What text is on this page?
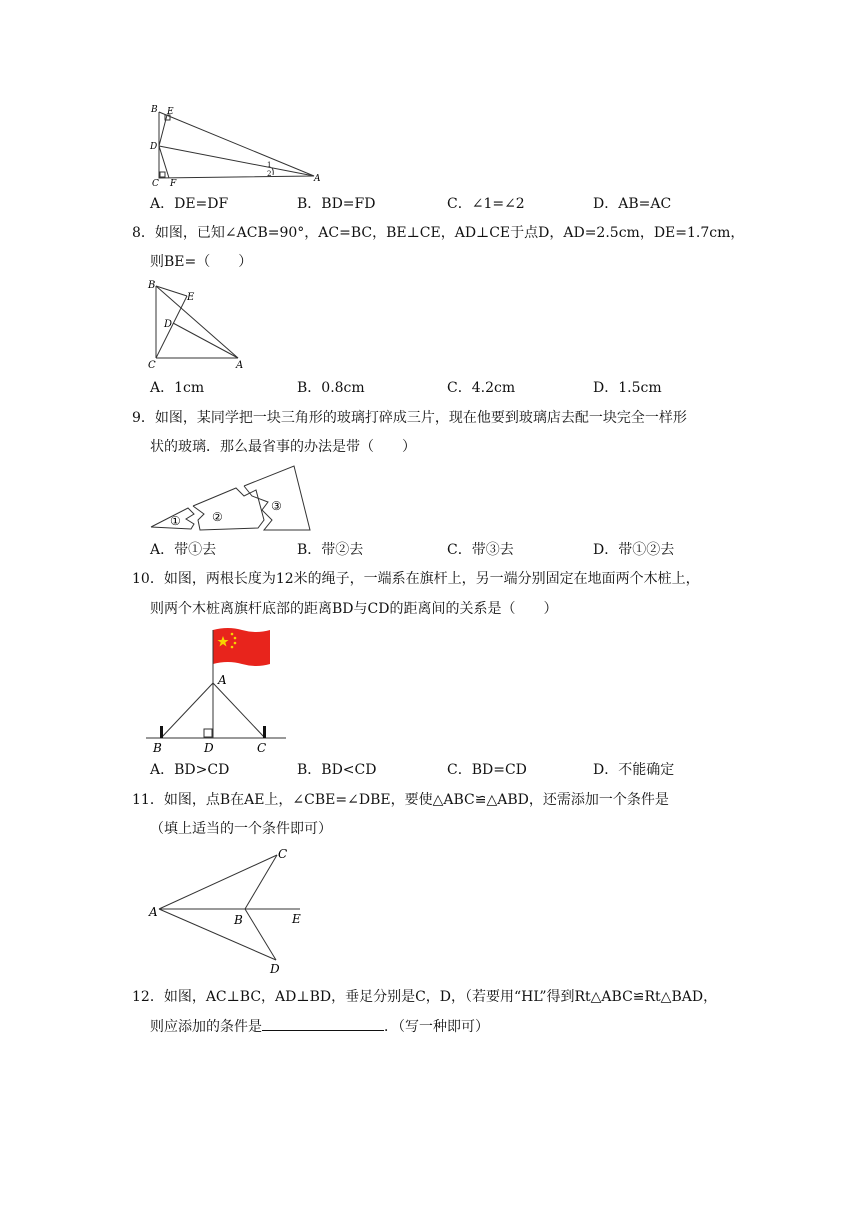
B E
D
C F	A
1
2
A．DE=DF	B．BD=FD	C．∠1=∠2	D．AB=AC
8．如图，已知∠ACB=90°，AC=BC，BE⊥CE，AD⊥CE于点D，AD=2.5cm，DE=1.7cm，
则BE=（　　）
B
E
D
C	A
A．1cm	B．0.8cm	C．4.2cm	D．1.5cm
9．如图，某同学把一块三角形的玻璃打碎成三片，现在他要到玻璃店去配一块完全一样形
状的玻璃．那么最省事的办法是带（　　）
①	②
③
A．带①去	B．带②去	C．带③去	D．带①②去
10．如图，两根长度为12米的绳子，一端系在旗杆上，另一端分别固定在地面两个木桩上，
则两个木桩离旗杆底部的距离BD与CD的距离间的关系是（　　）
A
B	D	C
A．BD>CD	B．BD<CD	C．BD=CD	D．不能确定
11．如图，点B在AE上，∠CBE=∠DBE，要使△ABC≌△ABD，还需添加一个条件是
（填上适当的一个条件即可）
A
B
C
D
E
12．如图，AC⊥BC，AD⊥BD，垂足分别是C，D，（若要用“HL”得到Rt△ABC≌Rt△BAD，
则应添加的条件是	．（写一种即可）
